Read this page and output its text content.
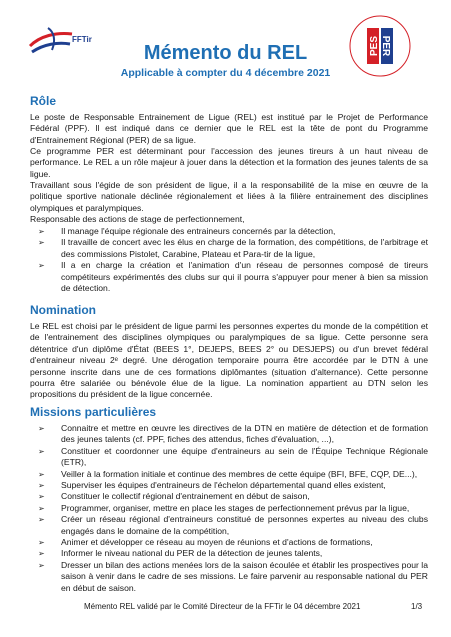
FFTir	PES PER
Mémento du REL
Applicable à compter du 4 décembre 2021
Rôle

Le poste de Responsable Entrainement de Ligue (REL) est institué par le Projet de Performance Fédéral (PPF). Il est indiqué dans ce dernier que le REL est la tête de pont du Programme d'Entrainement Régional (PER) de sa ligue.

Ce programme PER est déterminant pour l'accession des jeunes tireurs à un haut niveau de performance. Le REL a un rôle majeur à jouer dans la détection et la formation des jeunes talents de sa ligue.

Travaillant sous l'égide de son président de ligue, il a la responsabilité de la mise en œuvre de la politique sportive nationale déclinée régionalement et liées à la filière entrainement des disciplines olympiques et paralympiques.

Responsable des actions de stage de perfectionnement,

➢ Il manage l'équipe régionale des entraineurs concernés par la détection,
➢ Il travaille de concert avec les élus en charge de la formation, des compétitions, de l'arbitrage et des commissions Pistolet, Carabine, Plateau et Para-tir de la ligue,
➢ Il a en charge la création et l'animation d'un réseau de personnes composé de tireurs compétiteurs expérimentés des clubs sur qui il pourra s'appuyer pour mener à bien sa mission de détection.
Nomination

Le REL est choisi par le président de ligue parmi les personnes expertes du monde de la compétition et de l'entrainement des disciplines olympiques ou paralympiques de sa ligue. Cette personne sera détentrice d'un diplôme d'État (BEES 1°, DEJEPS, BEES 2° ou DESJEPS) ou d'un brevet fédéral d'entraineur niveau 2ᵉ degré. Une dérogation temporaire pourra être accordée par le DTN à une personne inscrite dans une de ces formations diplômantes (situation d'alternance). Cette personne pourra être salariée ou bénévole élue de la ligue. La nomination appartient au DTN selon les propositions du président de la ligue concernée.

Missions particulières
➢ Connaitre et mettre en œuvre les directives de la DTN en matière de détection et de formation des jeunes talents (cf. PPF, fiches des attendus, fiches d'évaluation, ...),
➢ Constituer et coordonner une équipe d'entraineurs au sein de l'Équipe Technique Régionale (ETR),
➢ Veiller à la formation initiale et continue des membres de cette équipe (BFI, BFE, CQP, DE...),
➢ Superviser les équipes d'entraineurs de l'échelon départemental quand elles existent,
➢ Constituer le collectif régional d'entrainement en début de saison,
➢ Programmer, organiser, mettre en place les stages de perfectionnement prévus par la ligue,
➢ Créer un réseau régional d'entraineurs constitué de personnes expertes au niveau des clubs engagés dans le domaine de la compétition,
➢ Animer et développer ce réseau au moyen de réunions et d'actions de formations,
➢ Informer le niveau national du PER de la détection de jeunes talents,
➢ Dresser un bilan des actions menées lors de la saison écoulée et établir les prospectives pour la saison à venir dans le cadre de ses missions. Le faire parvenir au responsable national du PER en début de saison.
Mémento REL validé par le Comité Directeur de la FFTir le 04 décembre 2021	1/3
